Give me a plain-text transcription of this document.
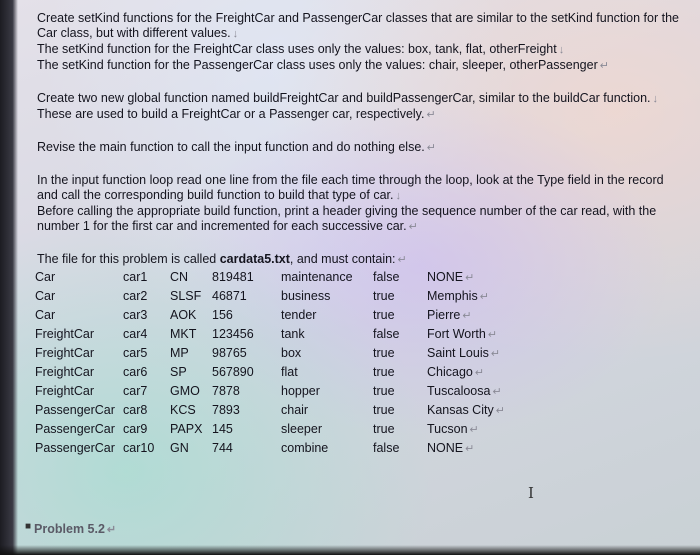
Create setKind functions for the FreightCar and PassengerCar classes that are similar to the setKind function for the Car class, but with different values. ↓

The setKind function for the FreightCar class uses only the values: box, tank, flat, otherFreight ↓

The setKind function for the PassengerCar class uses only the values: chair, sleeper, otherPassenger ↵

Create two new global function named buildFreightCar and buildPassengerCar, similar to the buildCar function. ↓

These are used to build a FreightCar or a Passenger car, respectively. ↵

Revise the main function to call the input function and do nothing else. ↵

In the input function loop read one line from the file each time through the loop, look at the Type field in the record and call the corresponding build function to build that type of car. ↓

Before calling the appropriate build function, print a header giving the sequence number of the car read, with the number 1 for the first car and incremented for each successive car. ↵

The file for this problem is called cardata5.txt, and must contain: ↵

Car	car1	CN	819481	maintenance	false	NONE ↵
Car	car2	SLSF	46871	business	true	Memphis ↵
Car	car3	AOK	156	tender	true	Pierre ↵
FreightCar	car4	MKT	123456	tank	false	Fort Worth ↵
FreightCar	car5	MP	98765	box	true	Saint Louis ↵
FreightCar	car6	SP	567890	flat	true	Chicago ↵
FreightCar	car7	GMO	7878	hopper	true	Tuscaloosa ↵
PassengerCar	car8	KCS	7893	chair	true	Kansas City ↵
PassengerCar	car9	PAPX	145	sleeper	true	Tucson ↵
PassengerCar	car10	GN	744	combine	false	NONE ↵
■ Problem 5.2 ↵
I
